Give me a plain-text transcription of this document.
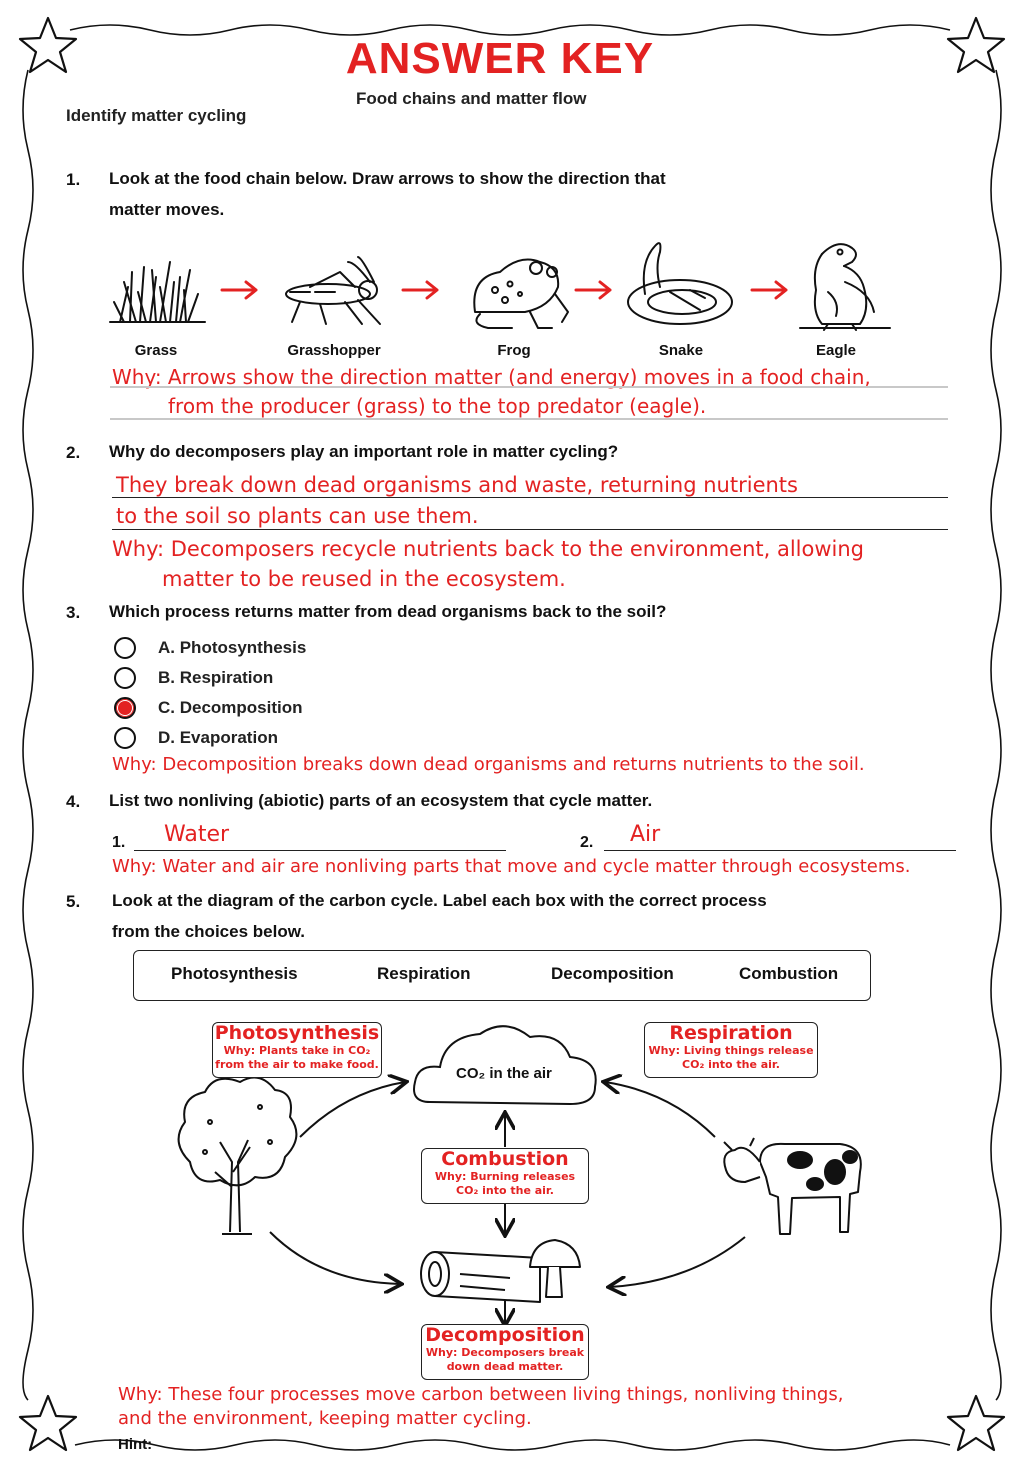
ANSWER KEY
Food chains and matter flow
Identify matter cycling
1. Look at the food chain below. Draw arrows to show the direction that
matter moves.
Grass	Grasshopper	Frog	Snake	Eagle
Why: Arrows show the direction matter (and energy) moves in a food chain,
from the producer (grass) to the top predator (eagle).
2. Why do decomposers play an important role in matter cycling?
They break down dead organisms and waste, returning nutrients
to the soil so plants can use them.
Why: Decomposers recycle nutrients back to the environment, allowing
matter to be reused in the ecosystem.
3. Which process returns matter from dead organisms back to the soil?
A. Photosynthesis
B. Respiration
C. Decomposition
D. Evaporation
Why: Decomposition breaks down dead organisms and returns nutrients to the soil.
4. List two nonliving (abiotic) parts of an ecosystem that cycle matter.
1. Water	2. Air
Why: Water and air are nonliving parts that move and cycle matter through ecosystems.
5. Look at the diagram of the carbon cycle. Label each box with the correct process
from the choices below.
Photosynthesis	Respiration	Decomposition	Combustion
CO₂ in the air
Photosynthesis
Why: Plants take in CO₂
from the air to make food.
Respiration
Why: Living things release
CO₂ into the air.
Combustion
Why: Burning releases
CO₂ into the air.
Decomposition
Why: Decomposers break
down dead matter.
Why: These four processes move carbon between living things, nonliving things,
and the environment, keeping matter cycling.
Hint:
